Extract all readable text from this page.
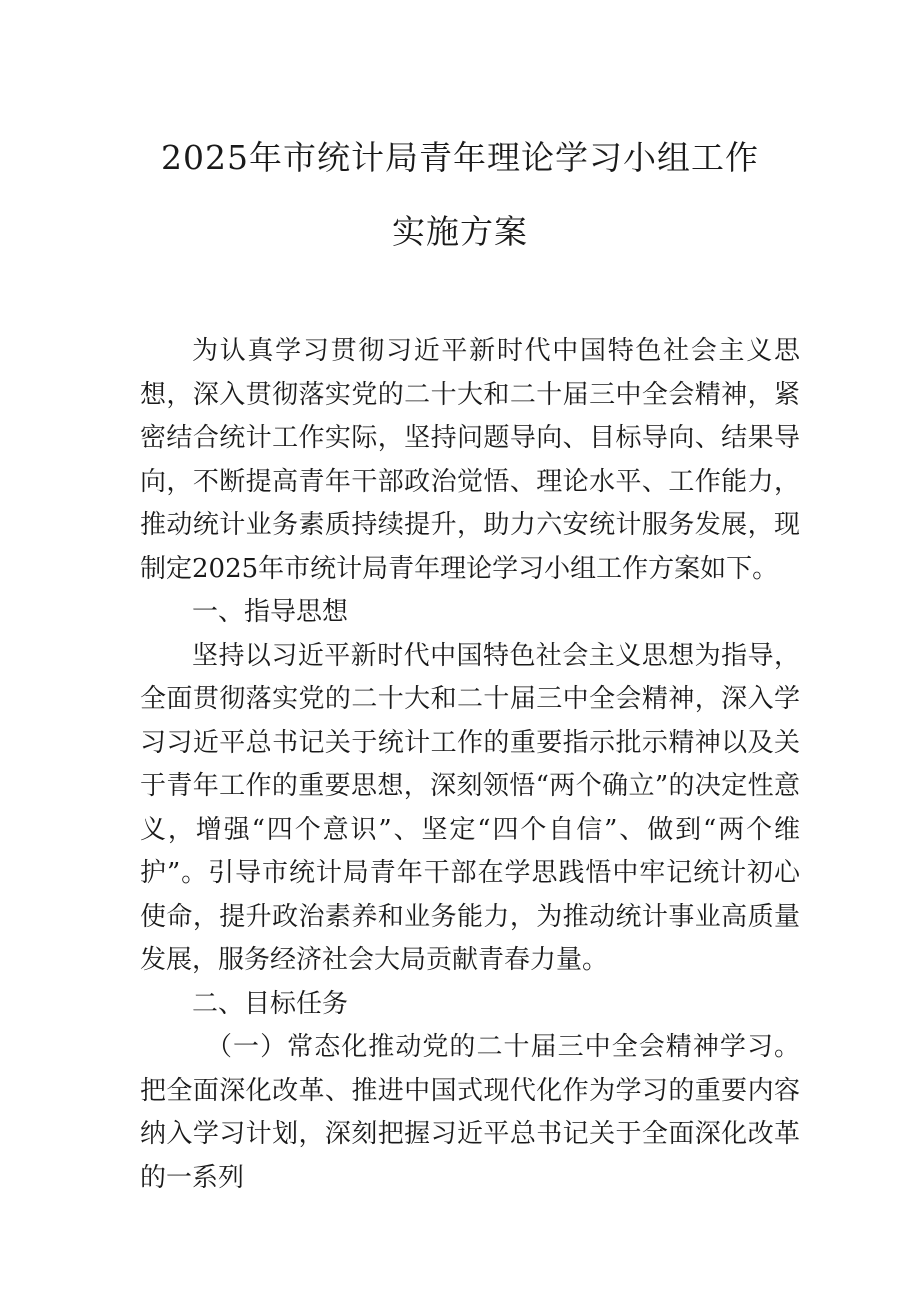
2025年市统计局青年理论学习小组工作
实施方案

为认真学习贯彻习近平新时代中国特色社会主义思想，深入贯彻落实党的二十大和二十届三中全会精神，紧密结合统计工作实际，坚持问题导向、目标导向、结果导向，不断提高青年干部政治觉悟、理论水平、工作能力，推动统计业务素质持续提升，助力六安统计服务发展，现制定2025年市统计局青年理论学习小组工作方案如下。

一、指导思想

坚持以习近平新时代中国特色社会主义思想为指导，全面贯彻落实党的二十大和二十届三中全会精神，深入学习习近平总书记关于统计工作的重要指示批示精神以及关于青年工作的重要思想，深刻领悟“两个确立”的决定性意义，增强“四个意识”、坚定“四个自信”、做到“两个维护”。引导市统计局青年干部在学思践悟中牢记统计初心使命，提升政治素养和业务能力，为推动统计事业高质量发展，服务经济社会大局贡献青春力量。

二、目标任务

（一）常态化推动党的二十届三中全会精神学习。把全面深化改革、推进中国式现代化作为学习的重要内容纳入学习计划，深刻把握习近平总书记关于全面深化改革的一系列
